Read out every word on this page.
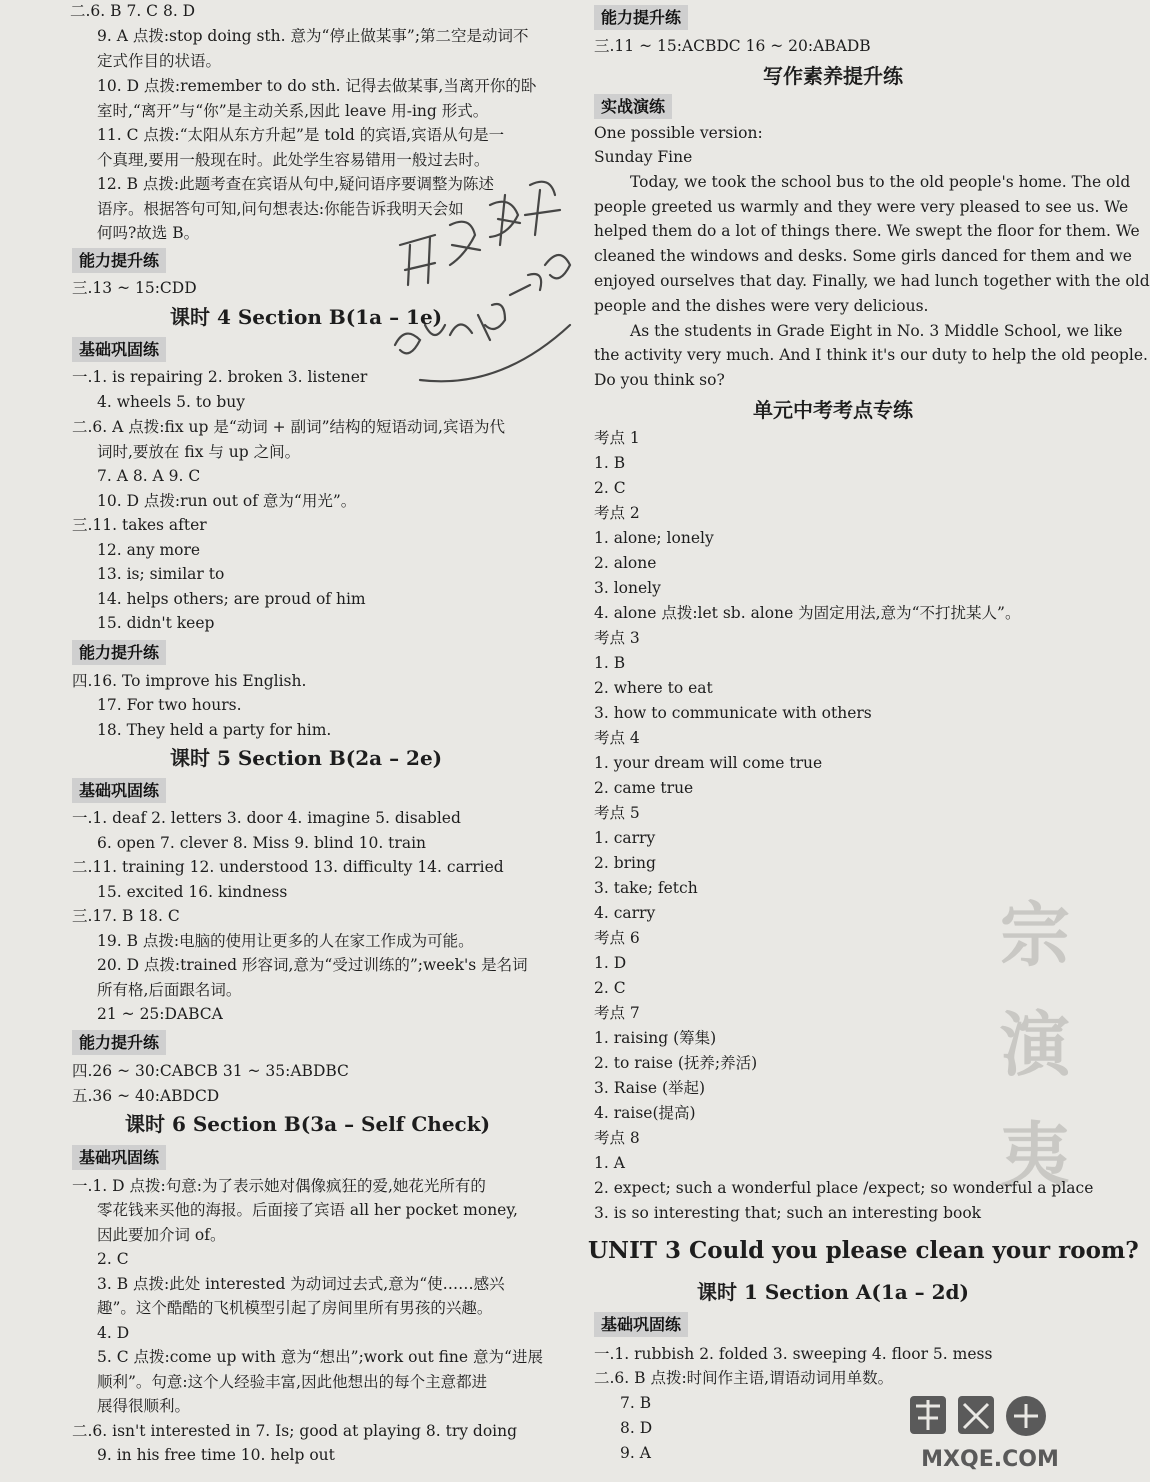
宗
演
夷
二.6. B 7. C 8. D
9. A 点拨:stop doing sth. 意为“停止做某事”;第二空是动词不
定式作目的状语。
10. D 点拨:remember to do sth. 记得去做某事,当离开你的卧
室时,“离开”与“你”是主动关系,因此 leave 用-ing 形式。
11. C 点拨:“太阳从东方升起”是 told 的宾语,宾语从句是一
个真理,要用一般现在时。此处学生容易错用一般过去时。
12. B 点拨:此题考查在宾语从句中,疑问语序要调整为陈述
语序。根据答句可知,问句想表达:你能告诉我明天会如
何吗?故选 B。
能力提升练
三.13 ~ 15:CDD
课时 4 Section B(1a – 1e)
基础巩固练
一.1. is repairing 2. broken 3. listener
4. wheels 5. to buy
二.6. A 点拨:fix up 是“动词 + 副词”结构的短语动词,宾语为代
词时,要放在 fix 与 up 之间。
7. A 8. A 9. C
10. D 点拨:run out of 意为“用光”。
三.11. takes after
12. any more
13. is; similar to
14. helps others; are proud of him
15. didn't keep
能力提升练
四.16. To improve his English.
17. For two hours.
18. They held a party for him.
课时 5 Section B(2a – 2e)
基础巩固练
一.1. deaf 2. letters 3. door 4. imagine 5. disabled
6. open 7. clever 8. Miss 9. blind 10. train
二.11. training 12. understood 13. difficulty 14. carried
15. excited 16. kindness
三.17. B 18. C
19. B 点拨:电脑的使用让更多的人在家工作成为可能。
20. D 点拨:trained 形容词,意为“受过训练的”;week's 是名词
所有格,后面跟名词。
21 ~ 25:DABCA
能力提升练
四.26 ~ 30:CABCB 31 ~ 35:ABDBC
五.36 ~ 40:ABDCD
课时 6 Section B(3a – Self Check)
基础巩固练
一.1. D 点拨:句意:为了表示她对偶像疯狂的爱,她花光所有的
零花钱来买他的海报。后面接了宾语 all her pocket money,
因此要加介词 of。
2. C
3. B 点拨:此处 interested 为动词过去式,意为“使……感兴
趣”。这个酷酷的飞机模型引起了房间里所有男孩的兴趣。
4. D
5. C 点拨:come up with 意为“想出”;work out fine 意为“进展
顺利”。句意:这个人经验丰富,因此他想出的每个主意都进
展得很顺利。
二.6. isn't interested in 7. Is; good at playing 8. try doing
9. in his free time 10. help out
能力提升练
三.11 ~ 15:ACBDC 16 ~ 20:ABADB
写作素养提升练
实战演练
One possible version:
Sunday Fine
Today, we took the school bus to the old people's home. The old
people greeted us warmly and they were very pleased to see us. We
helped them do a lot of things there. We swept the floor for them. We
cleaned the windows and desks. Some girls danced for them and we
enjoyed ourselves that day. Finally, we had lunch together with the old
people and the dishes were very delicious.
As the students in Grade Eight in No. 3 Middle School, we like
the activity very much. And I think it's our duty to help the old people.
Do you think so?
单元中考考点专练
考点 1
1. B
2. C
考点 2
1. alone; lonely
2. alone
3. lonely
4. alone 点拨:let sb. alone 为固定用法,意为“不打扰某人”。
考点 3
1. B
2. where to eat
3. how to communicate with others
考点 4
1. your dream will come true
2. came true
考点 5
1. carry
2. bring
3. take; fetch
4. carry
考点 6
1. D
2. C
考点 7
1. raising (筹集)
2. to raise (抚养;养活)
3. Raise (举起)
4. raise(提高)
考点 8
1. A
2. expect; such a wonderful place /expect; so wonderful a place
3. is so interesting that; such an interesting book
UNIT 3 Could you please clean your room?
课时 1 Section A(1a – 2d)
基础巩固练
一.1. rubbish 2. folded 3. sweeping 4. floor 5. mess
二.6. B 点拨:时间作主语,谓语动词用单数。
7. B
8. D
9. A	MXQE.COM
